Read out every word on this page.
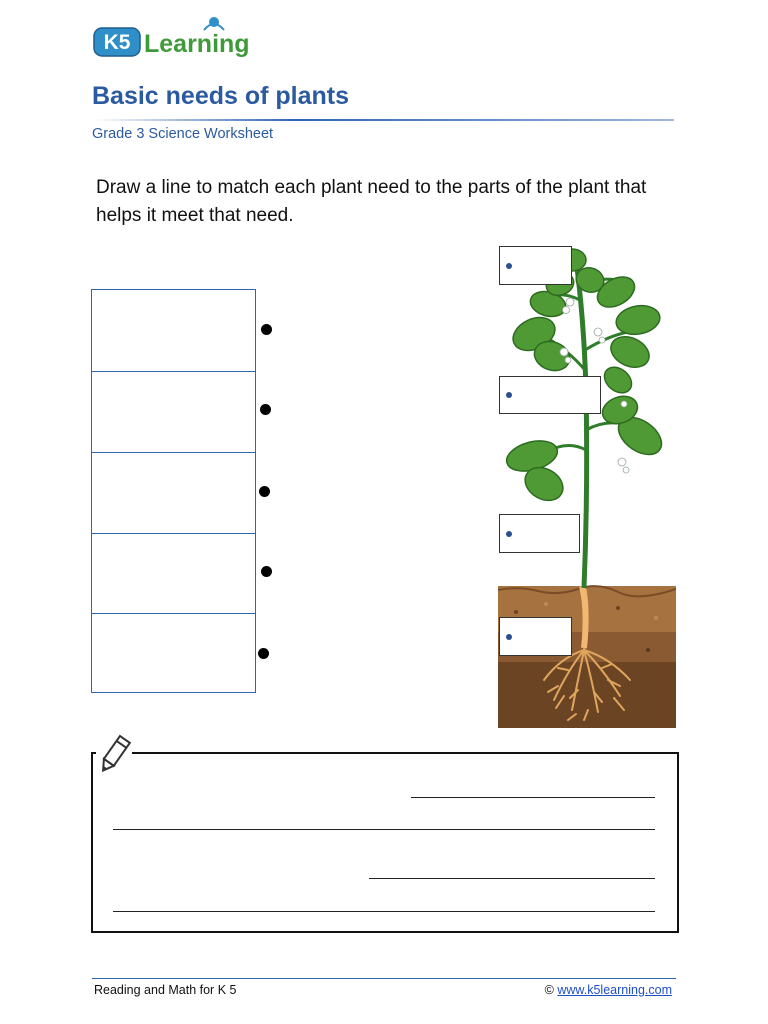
K5 Learning
Basic needs of plants
Grade 3 Science Worksheet
Draw a line to match each plant need to the parts of the plant that helps it meet that need.
Reading and Math for K 5	© www.k5learning.com
